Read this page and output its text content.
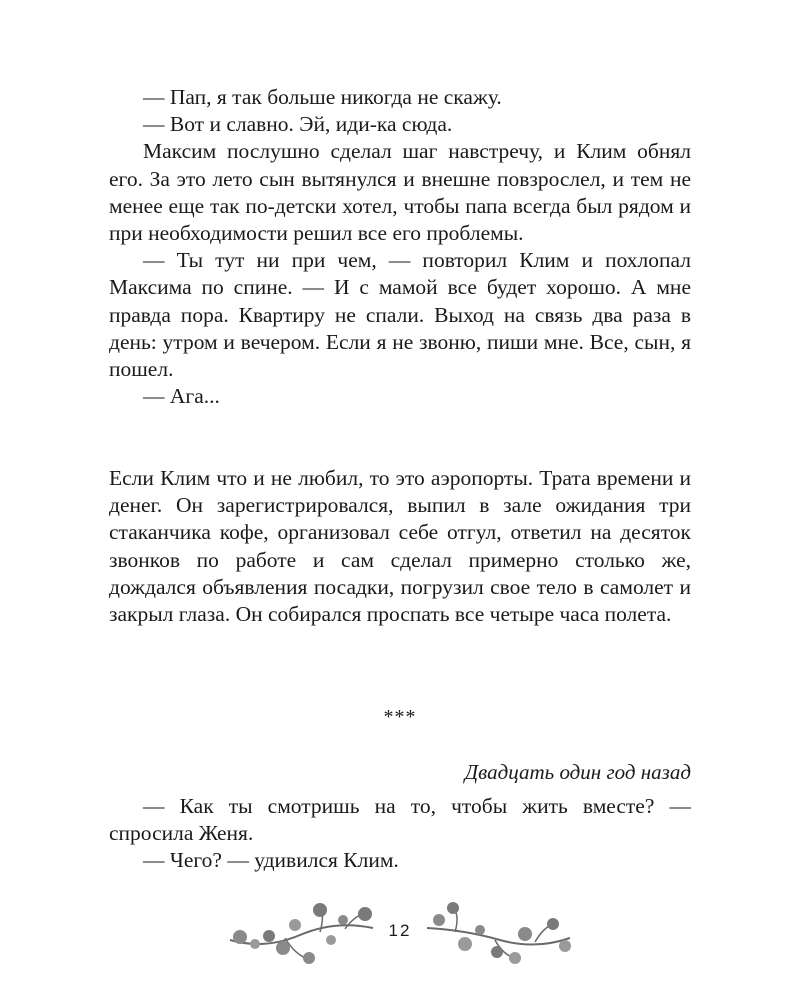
— Пап, я так больше никогда не скажу.

— Вот и славно. Эй, иди-ка сюда.

Максим послушно сделал шаг навстречу, и Клим обнял его. За это лето сын вытянулся и внешне повзрослел, и тем не менее еще так по-детски хотел, чтобы папа всегда был рядом и при необходимости решил все его проблемы.

— Ты тут ни при чем, — повторил Клим и похлопал Максима по спине. — И с мамой все будет хорошо. А мне правда пора. Квартиру не спали. Выход на связь два раза в день: утром и вечером. Если я не звоню, пиши мне. Все, сын, я пошел.

— Ага...

Если Клим что и не любил, то это аэропорты. Трата времени и денег. Он зарегистрировался, выпил в зале ожидания три стаканчика кофе, организовал себе отгул, ответил на десяток звонков по работе и сам сделал примерно столько же, дождался объявления посадки, погрузил свое тело в самолет и закрыл глаза. Он собирался проспать все четыре часа полета.

***
Двадцать один год назад

— Как ты смотришь на то, чтобы жить вместе? — спросила Женя.

— Чего? — удивился Клим.

12
